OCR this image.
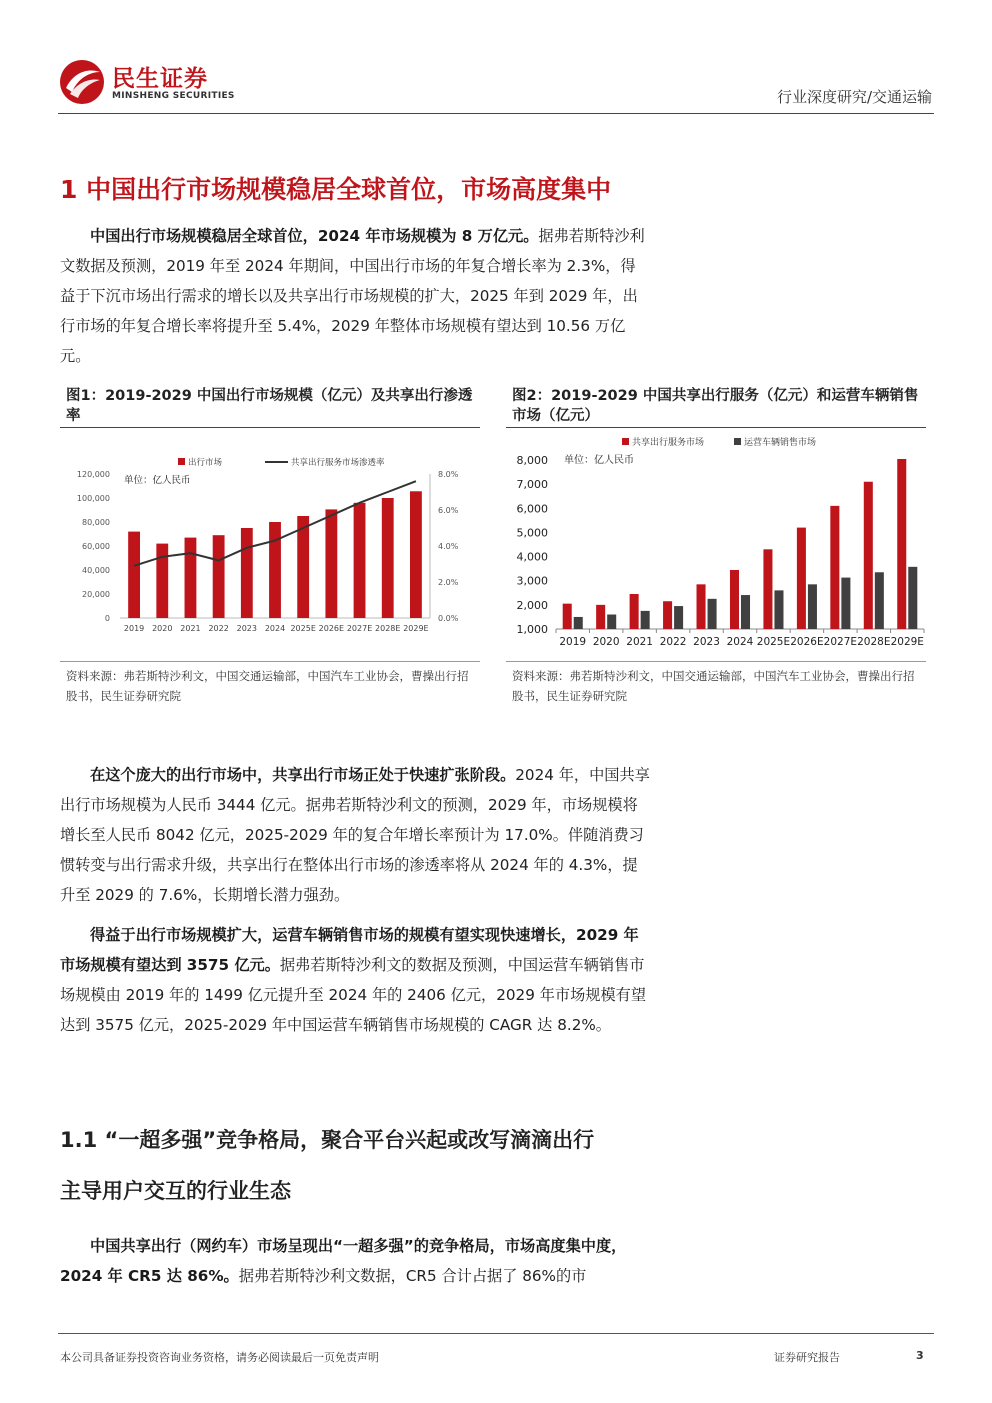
民生证券
MINSHENG SECURITIES	行业深度研究/交通运输
1 中国出行市场规模稳居全球首位，市场高度集中

中国出行市场规模稳居全球首位，2024 年市场规模为 8 万亿元。据弗若斯特沙利文数据及预测，2019 年至 2024 年期间，中国出行市场的年复合增长率为 2.3%，得益于下沉市场出行需求的增长以及共享出行市场规模的扩大，2025 年到 2029 年，出行市场的年复合增长率将提升至 5.4%，2029 年整体市场规模有望达到 10.56 万亿元。

图1：2019-2029 中国出行市场规模（亿元）及共享出行渗透率
0
20,000
40,000
60,000
80,000
100,000
120,000
0.0%
2.0%
4.0%
6.0%
8.0%
2019 2020 2021 2022 2023 2024 2025E 2026E 2027E 2028E 2029E
出行市场	共享出行服务市场渗透率
单位：亿人民币
资料来源：弗若斯特沙利文，中国交通运输部，中国汽车工业协会，曹操出行招股书，民生证券研究院
图2：2019-2029 中国共享出行服务（亿元）和运营车辆销售市场（亿元）
1,000
2,000
3,000
4,000
5,000
6,000
7,000
8,000
2019 2020 2021 2022 2023 2024 2025E 2026E 2027E 2028E 2029E
共享出行服务市场	运营车辆销售市场
单位：亿人民币
资料来源：弗若斯特沙利文，中国交通运输部，中国汽车工业协会，曹操出行招股书，民生证券研究院

在这个庞大的出行市场中，共享出行市场正处于快速扩张阶段。2024 年，中国共享出行市场规模为人民币 3444 亿元。据弗若斯特沙利文的预测，2029 年，市场规模将增长至人民币 8042 亿元，2025-2029 年的复合年增长率预计为 17.0%。伴随消费习惯转变与出行需求升级，共享出行在整体出行市场的渗透率将从 2024 年的 4.3%，提升至 2029 的 7.6%，长期增长潜力强劲。

得益于出行市场规模扩大，运营车辆销售市场的规模有望实现快速增长，2029 年市场规模有望达到 3575 亿元。据弗若斯特沙利文的数据及预测，中国运营车辆销售市场规模由 2019 年的 1499 亿元提升至 2024 年的 2406 亿元，2029 年市场规模有望达到 3575 亿元，2025-2029 年中国运营车辆销售市场规模的 CAGR 达 8.2%。

1.1 “一超多强”竞争格局，聚合平台兴起或改写滴滴出行
主导用户交互的行业生态

中国共享出行（网约车）市场呈现出“一超多强”的竞争格局，市场高度集中度，2024 年 CR5 达 86%。据弗若斯特沙利文数据，CR5 合计占据了 86%的市

本公司具备证券投资咨询业务资格，请务必阅读最后一页免责声明	证券研究报告	3
